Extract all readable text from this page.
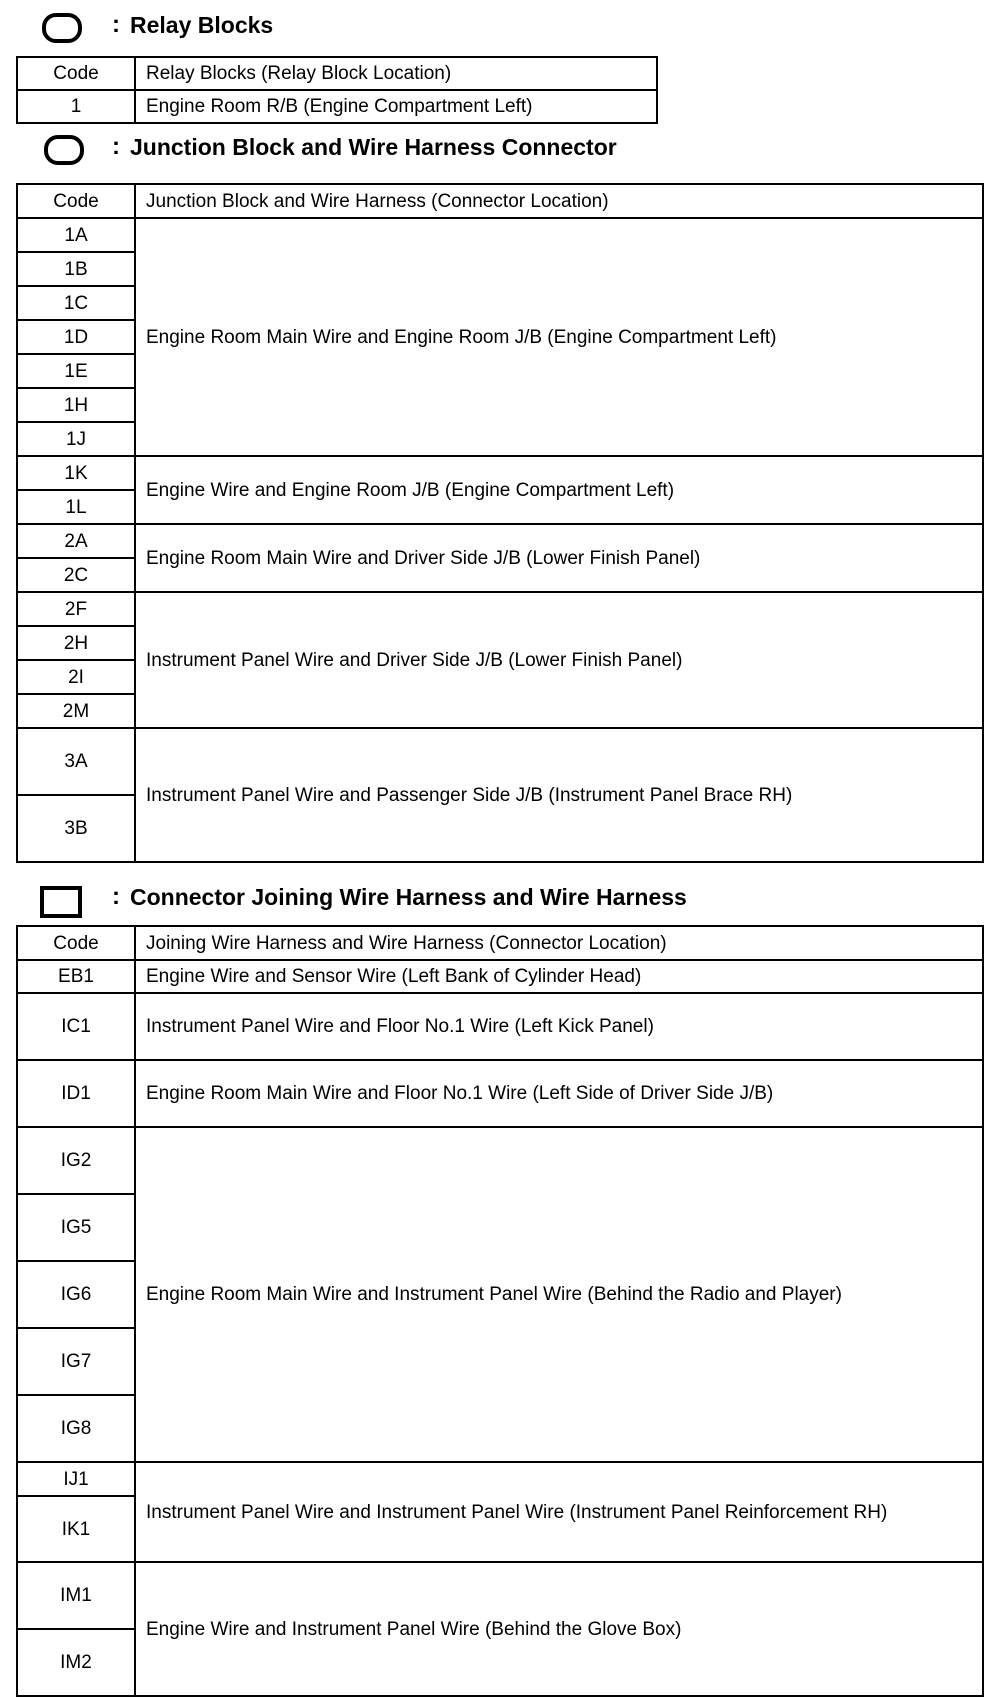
: Relay Blocks
Code	Relay Blocks (Relay Block Location)
1	Engine Room R/B (Engine Compartment Left)
: Junction Block and Wire Harness Connector
Code	Junction Block and Wire Harness (Connector Location)
1A	Engine Room Main Wire and Engine Room J/B (Engine Compartment Left)
1B	
1C	
1D	
1E	
1H	
1J	
1K	Engine Wire and Engine Room J/B (Engine Compartment Left)
1L	
2A	Engine Room Main Wire and Driver Side J/B (Lower Finish Panel)
2C	
2F	Instrument Panel Wire and Driver Side J/B (Lower Finish Panel)
2H	
2I	
2M	
3A	Instrument Panel Wire and Passenger Side J/B (Instrument Panel Brace RH)
3B	
: Connector Joining Wire Harness and Wire Harness
Code	Joining Wire Harness and Wire Harness (Connector Location)
EB1	Engine Wire and Sensor Wire (Left Bank of Cylinder Head)
IC1	Instrument Panel Wire and Floor No.1 Wire (Left Kick Panel)
ID1	Engine Room Main Wire and Floor No.1 Wire (Left Side of Driver Side J/B)
IG2	Engine Room Main Wire and Instrument Panel Wire (Behind the Radio and Player)
IG5	
IG6	
IG7	
IG8	
IJ1	Instrument Panel Wire and Instrument Panel Wire (Instrument Panel Reinforcement RH)

IK1	
IM1	Engine Wire and Instrument Panel Wire (Behind the Glove Box)
IM2	
